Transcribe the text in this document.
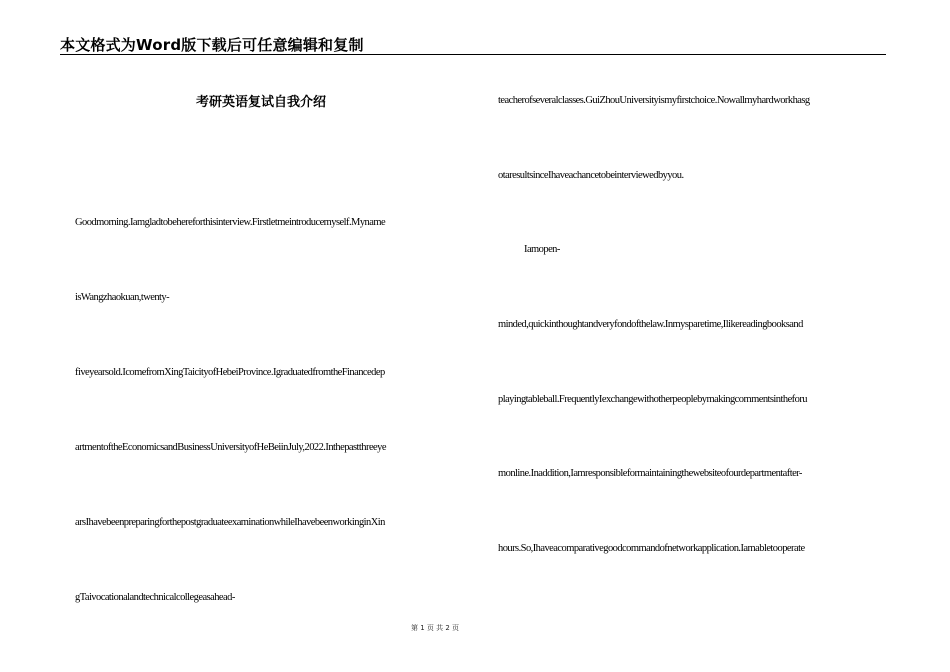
本文格式为Word版下载后可任意编辑和复制
考研英语复试自我介绍
Goodmorning.Iamgladtobehereforthisinterview.Firstletmeintroducemyself.Myname
isWangzhaokuan,twenty-
fiveyearsold.IcomefromXingTaicityofHebeiProvince.IgraduatedfromtheFinancedep
artmentoftheEconomicsandBusinessUniversityofHeBeiinJuly,2022.Inthepastthreeye
arsIhavebeenpreparingforthepostgraduateexaminationwhileIhavebeenworkinginXin
gTaivocationalandtechnicalcollegeasahead-
teacherofseveralclasses.GuiZhouUniversityismyfirstchoice.Nowallmyhardworkhasg
otaresultsinceIhaveachancetobeinterviewedbyyou.
Iamopen-
minded,quickinthoughtandveryfondofthelaw.Inmysparetime,Ilikereadingbooksand
playingtableball.FrequentlyIexchangewithotherpeoplebymakingcommentsintheforu
monline.Inaddition,Iamresponsibleformaintainingthewebsiteofourdepartmentafter-
hours.So,Ihaveacomparativegoodcommandofnetworkapplication.Iamabletooperate
第 1 页 共 2 页
